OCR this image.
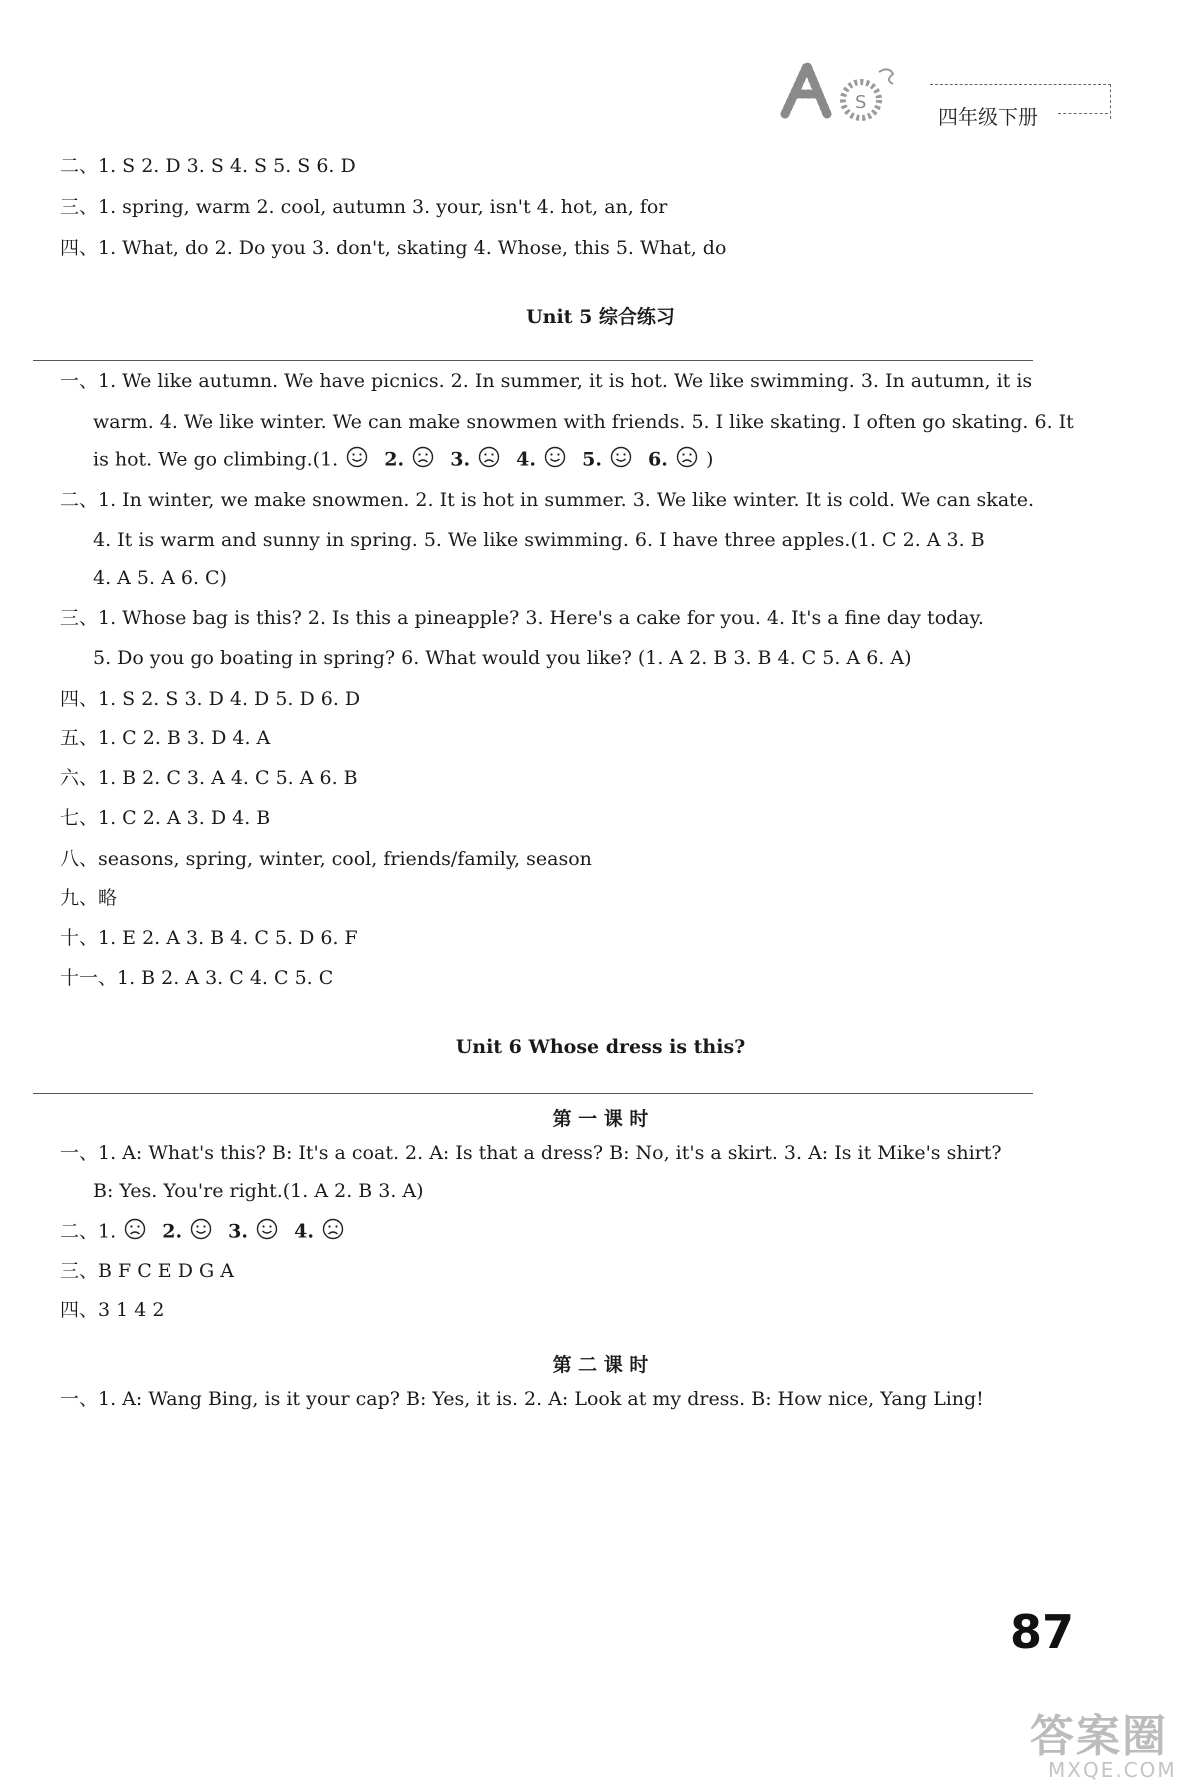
S
四年级下册
二、1. S 2. D 3. S 4. S 5. S 6. D
三、1. spring, warm 2. cool, autumn 3. your, isn't 4. hot, an, for
四、1. What, do 2. Do you 3. don't, skating 4. Whose, this 5. What, do
Unit 5 综合练习
一、1. We like autumn. We have picnics. 2. In summer, it is hot. We like swimming. 3. In autumn, it is
warm. 4. We like winter. We can make snowmen with friends. 5. I like skating. I often go skating. 6. It
is hot. We go climbing.(1. 2. 3. 4. 5. 6. )
二、1. In winter, we make snowmen. 2. It is hot in summer. 3. We like winter. It is cold. We can skate.
4. It is warm and sunny in spring. 5. We like swimming. 6. I have three apples.(1. C 2. A 3. B
4. A 5. A 6. C)
三、1. Whose bag is this? 2. Is this a pineapple? 3. Here's a cake for you. 4. It's a fine day today.
5. Do you go boating in spring? 6. What would you like? (1. A 2. B 3. B 4. C 5. A 6. A)
四、1. S 2. S 3. D 4. D 5. D 6. D
五、1. C 2. B 3. D 4. A
六、1. B 2. C 3. A 4. C 5. A 6. B
七、1. C 2. A 3. D 4. B
八、seasons, spring, winter, cool, friends/family, season
九、略
十、1. E 2. A 3. B 4. C 5. D 6. F
十一、1. B 2. A 3. C 4. C 5. C
Unit 6 Whose dress is this?
第 一 课 时
一、1. A: What's this? B: It's a coat. 2. A: Is that a dress? B: No, it's a skirt. 3. A: Is it Mike's shirt?
B: Yes. You're right.(1. A 2. B 3. A)
二、1. 2. 3. 4.
三、B F C E D G A
四、3 1 4 2
第 二 课 时
一、1. A: Wang Bing, is it your cap? B: Yes, it is. 2. A: Look at my dress. B: How nice, Yang Ling!
87
答案圈
MXQE.COM
